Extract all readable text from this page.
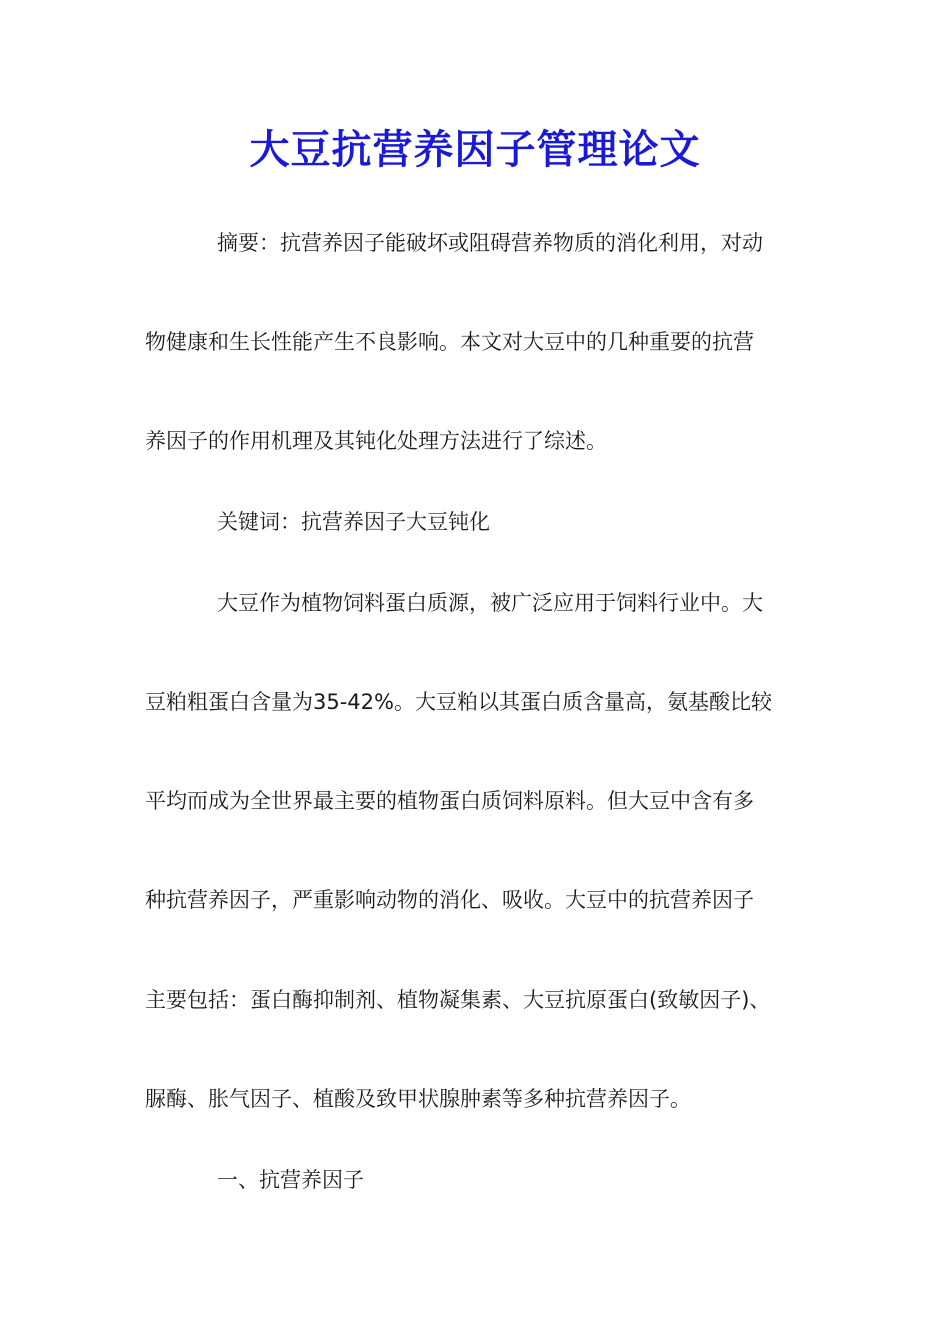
大豆抗营养因子管理论文
摘要：抗营养因子能破坏或阻碍营养物质的消化利用，对动
物健康和生长性能产生不良影响。本文对大豆中的几种重要的抗营
养因子的作用机理及其钝化处理方法进行了综述。
关键词：抗营养因子大豆钝化
大豆作为植物饲料蛋白质源，被广泛应用于饲料行业中。大
豆粕粗蛋白含量为35-42%。大豆粕以其蛋白质含量高，氨基酸比较
平均而成为全世界最主要的植物蛋白质饲料原料。但大豆中含有多
种抗营养因子，严重影响动物的消化、吸收。大豆中的抗营养因子
主要包括：蛋白酶抑制剂、植物凝集素、大豆抗原蛋白(致敏因子)、
脲酶、胀气因子、植酸及致甲状腺肿素等多种抗营养因子。
一、抗营养因子
